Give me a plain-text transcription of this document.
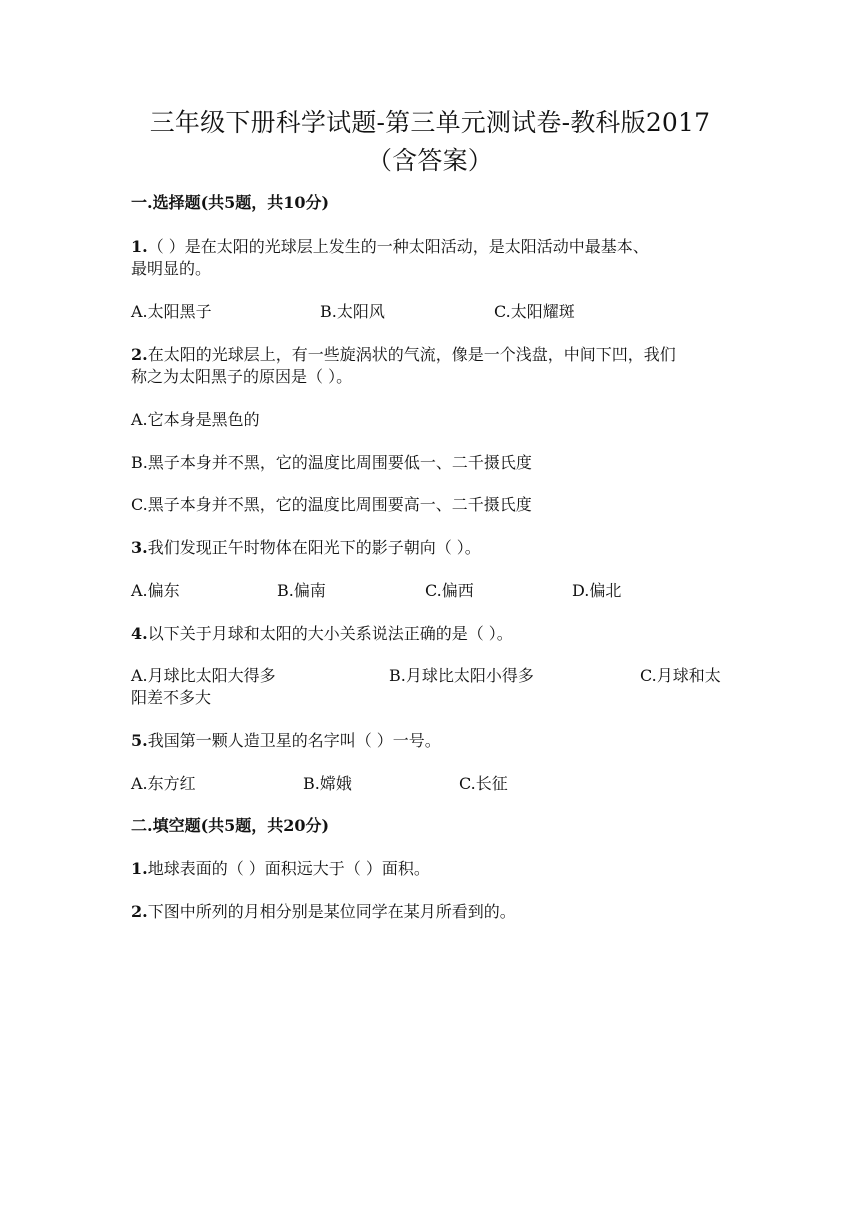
三年级下册科学试题-第三单元测试卷-教科版2017
（含答案）
一.选择题(共5题，共10分)
1.（ ）是在太阳的光球层上发生的一种太阳活动，是太阳活动中最基本、
最明显的。
A.太阳黑子	B.太阳风	C.太阳耀斑
2.在太阳的光球层上，有一些旋涡状的气流，像是一个浅盘，中间下凹，我们
称之为太阳黑子的原因是（ ）。
A.它本身是黑色的
B.黑子本身并不黑，它的温度比周围要低一、二千摄氏度
C.黑子本身并不黑，它的温度比周围要高一、二千摄氏度
3.我们发现正午时物体在阳光下的影子朝向（ ）。
A.偏东	B.偏南	C.偏西	D.偏北
4.以下关于月球和太阳的大小关系说法正确的是（ ）。
A.月球比太阳大得多	B.月球比太阳小得多	C.月球和太
阳差不多大
5.我国第一颗人造卫星的名字叫（ ）一号。
A.东方红	B.嫦娥	C.长征
二.填空题(共5题，共20分)
1.地球表面的（ ）面积远大于（ ）面积。
2.下图中所列的月相分别是某位同学在某月所看到的。
